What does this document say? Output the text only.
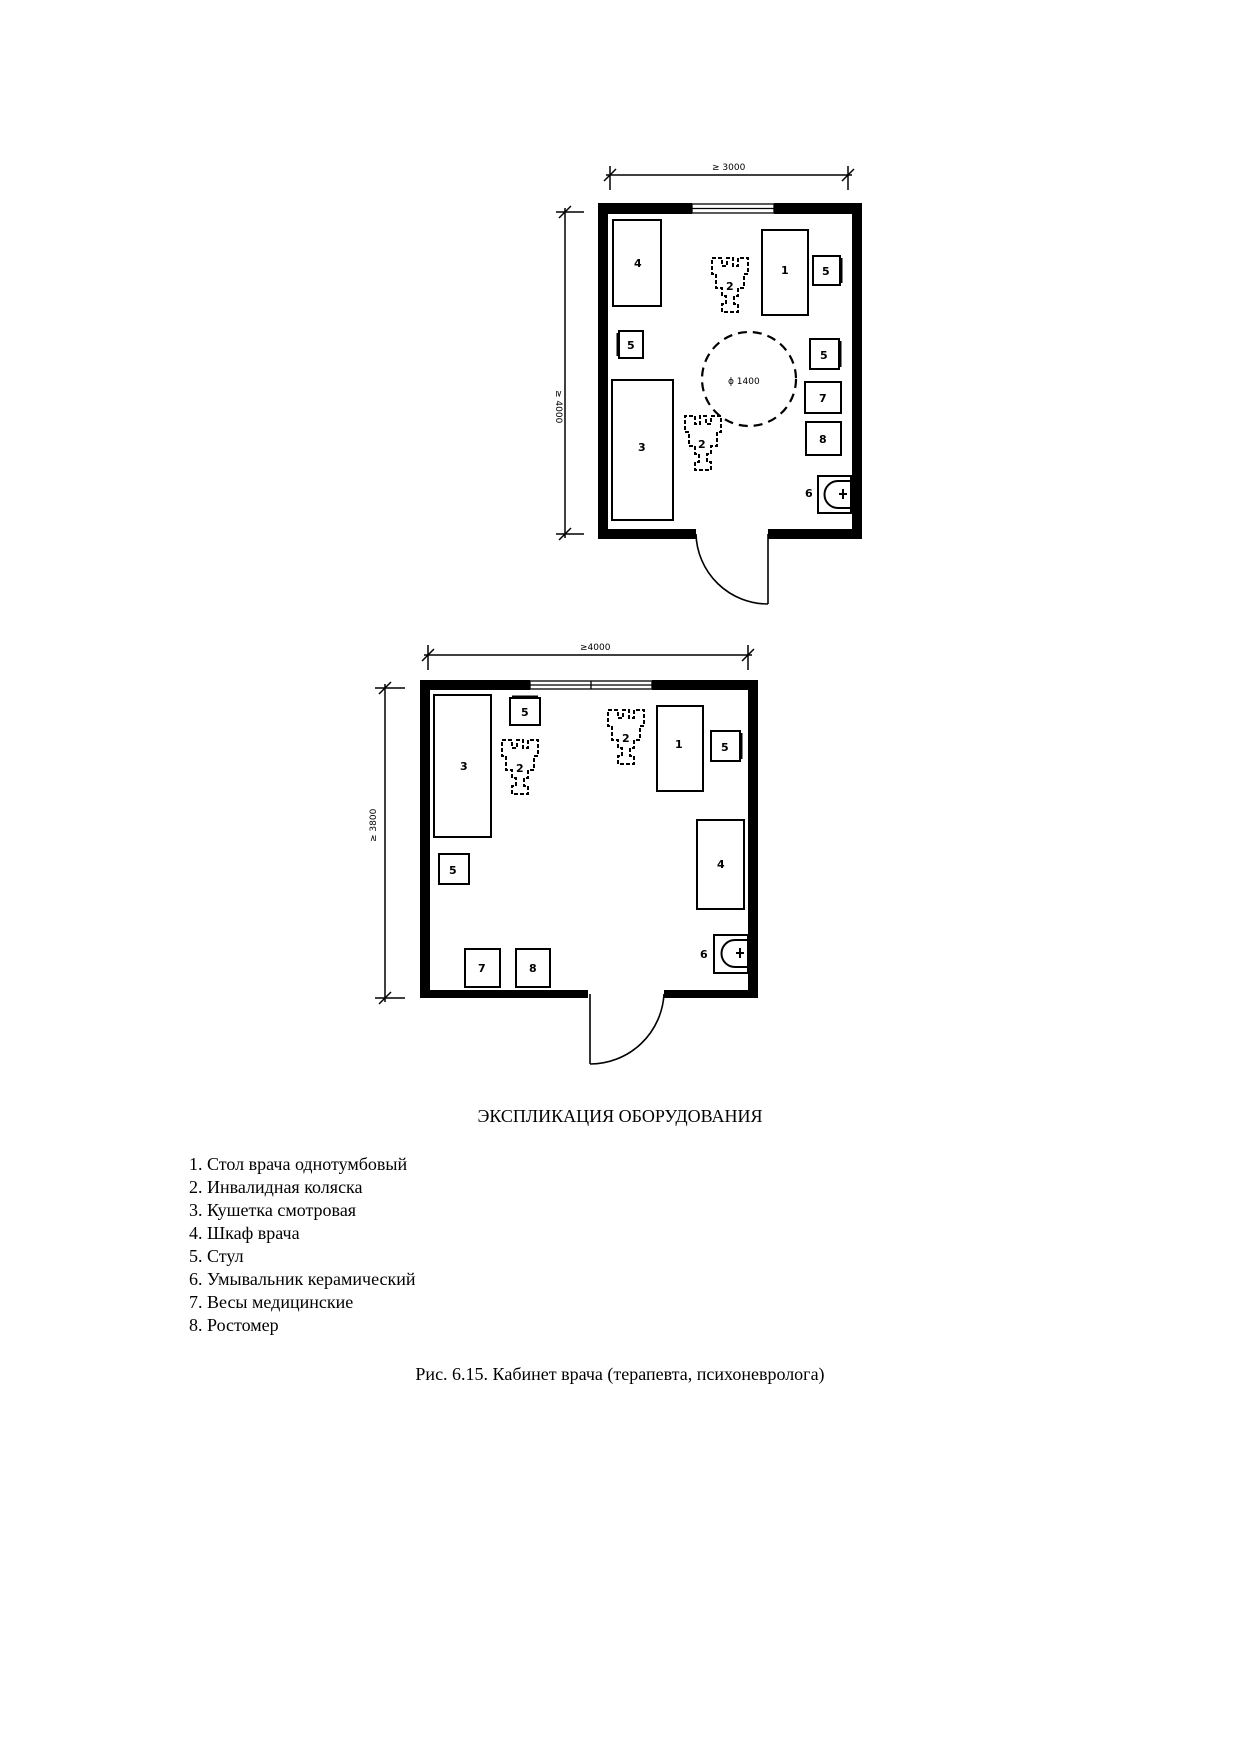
≥ 3000
≥ 4000
4
1	5
5
5
ϕ 1400
2
2
3
7
8
6
≥4000
≥ 3800
3
5
2
2	1	5
5	4
6
7	8
ЭКСПЛИКАЦИЯ ОБОРУДОВАНИЯ
1. Стол врача однотумбовый
2. Инвалидная коляска
3. Кушетка смотровая
4. Шкаф врача
5. Стул
6. Умывальник керамический
7. Весы медицинские
8. Ростомер
Рис. 6.15. Кабинет врача (терапевта, психоневролога)
